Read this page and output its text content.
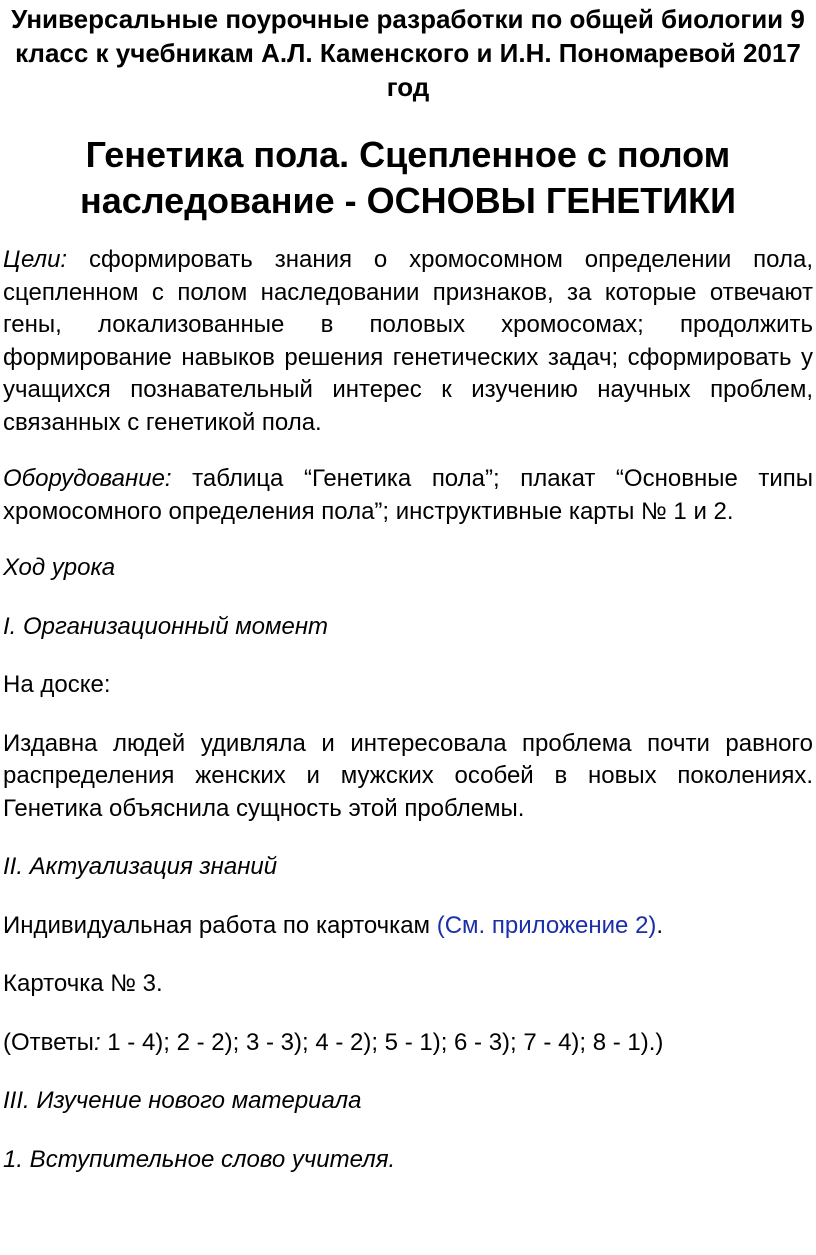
Универсальные поурочные разработки по общей биологии 9 класс к учебникам А.Л. Каменского и И.Н. Пономаревой 2017 год
Генетика пола. Сцепленное с полом наследование - ОСНОВЫ ГЕНЕТИКИ

Цели: сформировать знания о хромосомном определении пола, сцепленном с полом наследовании признаков, за которые отвечают гены, локализованные в половых хромосомах; продолжить формирование навыков решения генетических задач; сформировать у учащихся познавательный интерес к изучению научных проблем, связанных с генетикой пола.

Оборудование: таблица “Генетика пола”; плакат “Основные типы хромосомного определения пола”; инструктивные карты № 1 и 2.

Ход урока

I. Организационный момент

На доске:

Издавна людей удивляла и интересовала проблема почти равного распределения женских и мужских особей в новых поколениях. Генетика объяснила сущность этой проблемы.

II. Актуализация знаний

Индивидуальная работа по карточкам (См. приложение 2).

Карточка № 3.

(Ответы: 1 - 4); 2 - 2); 3 - 3); 4 - 2); 5 - 1); 6 - 3); 7 - 4); 8 - 1).)

III. Изучение нового материала

1. Вступительное слово учителя.
